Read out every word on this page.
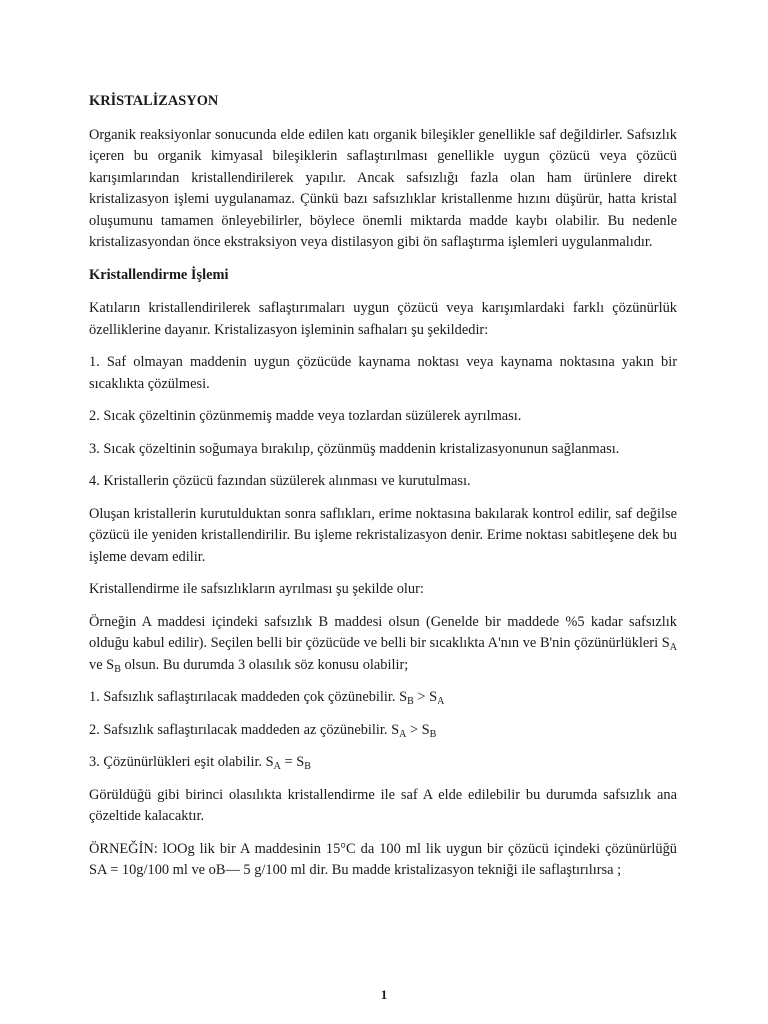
KRİSTALİZASYON

Organik reaksiyonlar sonucunda elde edilen katı organik bileşikler genellikle saf değildirler. Safsızlık içeren bu organik kimyasal bileşiklerin saflaştırılması genellikle uygun çözücü veya çözücü karışımlarından kristallendirilerek yapılır. Ancak safsızlığı fazla olan ham ürünlere direkt kristalizasyon işlemi uygulanamaz. Çünkü bazı safsızlıklar kristallenme hızını düşürür, hatta kristal oluşumunu tamamen önleyebilirler, böylece önemli miktarda madde kaybı olabilir. Bu nedenle kristalizasyondan önce ekstraksiyon veya distilasyon gibi ön saflaştırma işlemleri uygulanmalıdır.

Kristallendirme İşlemi

Katıların kristallendirilerek saflaştırımaları uygun çözücü veya karışımlardaki farklı çözünürlük özelliklerine dayanır. Kristalizasyon işleminin safhaları şu şekildedir:

1. Saf olmayan maddenin uygun çözücüde kaynama noktası veya kaynama noktasına yakın bir sıcaklıkta çözülmesi.

2. Sıcak çözeltinin çözünmemiş madde veya tozlardan süzülerek ayrılması.

3. Sıcak çözeltinin soğumaya bırakılıp, çözünmüş maddenin kristalizasyonunun sağlanması.

4. Kristallerin çözücü fazından süzülerek alınması ve kurutulması.

Oluşan kristallerin kurutulduktan sonra saflıkları, erime noktasına bakılarak kontrol edilir, saf değilse çözücü ile yeniden kristallendirilir. Bu işleme rekristalizasyon denir. Erime noktası sabitleşene dek bu işleme devam edilir.

Kristallendirme ile safsızlıkların ayrılması şu şekilde olur:

Örneğin A maddesi içindeki safsızlık B maddesi olsun (Genelde bir maddede %5 kadar safsızlık olduğu kabul edilir). Seçilen belli bir çözücüde ve belli bir sıcaklıkta A'nın ve B'nin çözünürlükleri $S_A$ ve $S_B$ olsun. Bu durumda 3 olasılık söz konusu olabilir;

1. Safsızlık saflaştırılacak maddeden çok çözünebilir. $S_B > S_A$

2. Safsızlık saflaştırılacak maddeden az çözünebilir. $S_A > S_B$

3. Çözünürlükleri eşit olabilir. $S_A = S_B$

Görüldüğü gibi birinci olasılıkta kristallendirme ile saf A elde edilebilir bu durumda safsızlık ana çözeltide kalacaktır.

ÖRNEĞİN: lOOg lik bir A maddesinin 15°C da 100 ml lik uygun bir çözücü içindeki çözünürlüğü SA = 10g/100 ml ve oB— 5 g/100 ml dir. Bu madde kristalizasyon tekniği ile saflaştırılırsa ;

1
